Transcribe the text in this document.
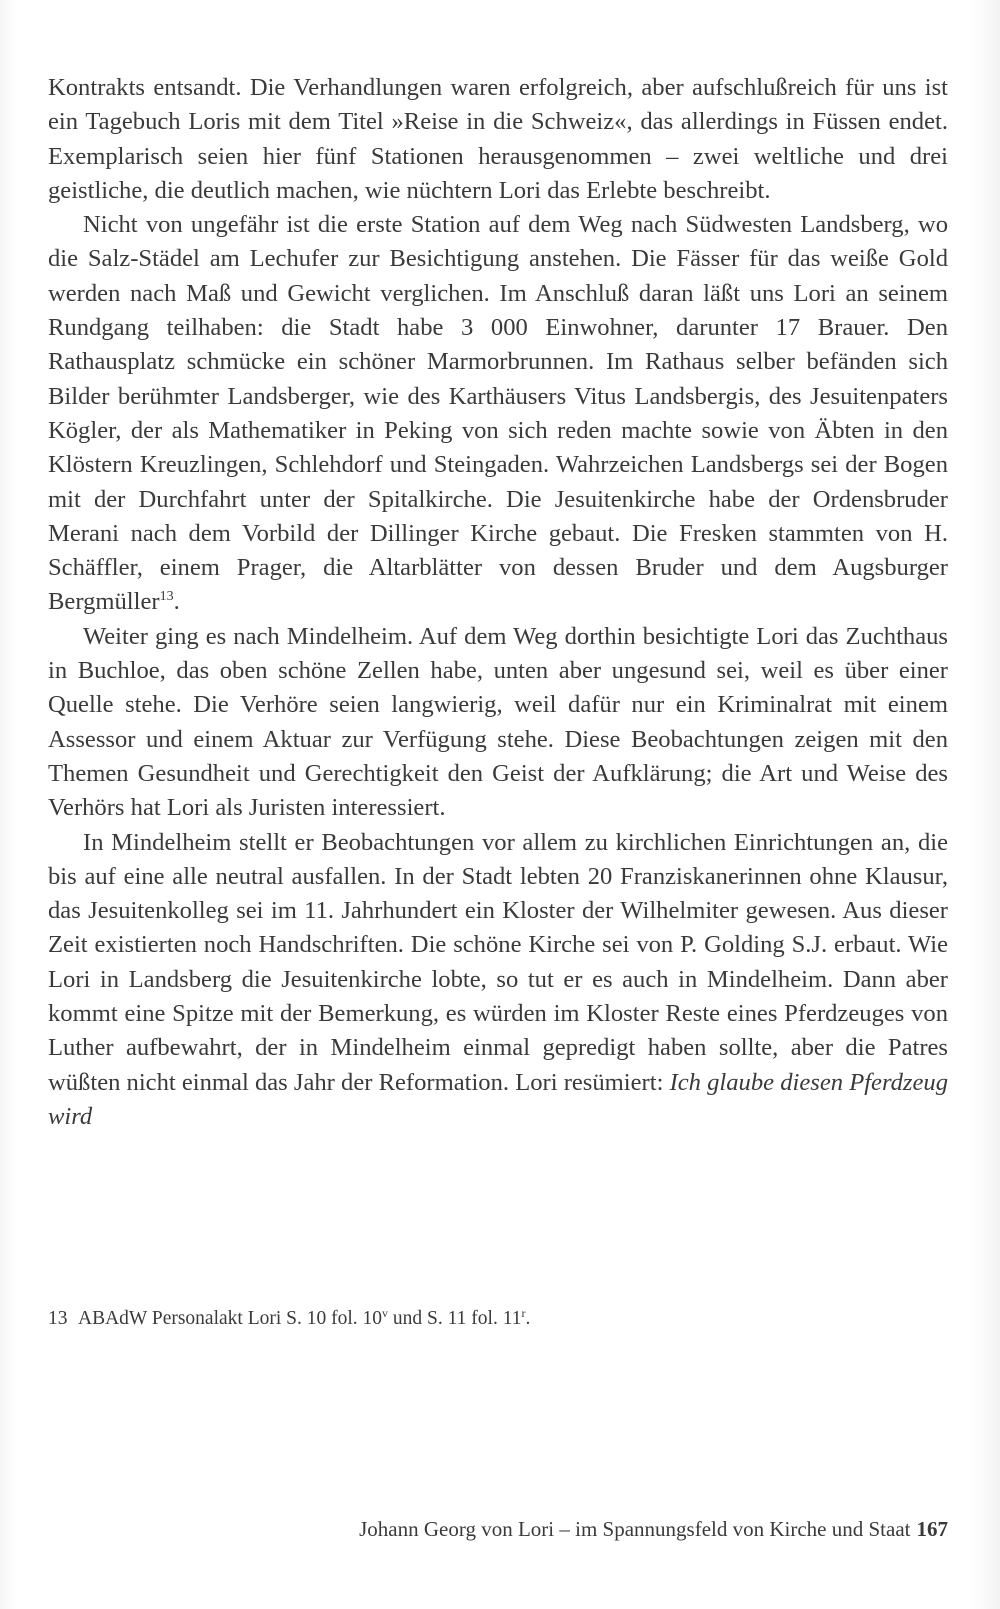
Kontrakts entsandt. Die Verhandlungen waren erfolgreich, aber aufschlußreich für uns ist ein Tagebuch Loris mit dem Titel »Reise in die Schweiz«, das allerdings in Füssen endet. Exemplarisch seien hier fünf Stationen herausgenommen – zwei weltliche und drei geistliche, die deutlich machen, wie nüchtern Lori das Erlebte beschreibt.

Nicht von ungefähr ist die erste Station auf dem Weg nach Südwesten Landsberg, wo die Salz-Städel am Lechufer zur Besichtigung anstehen. Die Fässer für das weiße Gold werden nach Maß und Gewicht verglichen. Im Anschluß daran läßt uns Lori an seinem Rundgang teilhaben: die Stadt habe 3 000 Einwohner, darunter 17 Brauer. Den Rathausplatz schmücke ein schöner Marmorbrunnen. Im Rathaus selber befänden sich Bilder berühmter Landsberger, wie des Karthäusers Vitus Landsbergis, des Jesuitenpaters Kögler, der als Mathematiker in Peking von sich reden machte sowie von Äbten in den Klöstern Kreuzlingen, Schlehdorf und Steingaden. Wahrzeichen Landsbergs sei der Bogen mit der Durchfahrt unter der Spitalkirche. Die Jesuitenkirche habe der Ordensbruder Merani nach dem Vorbild der Dillinger Kirche gebaut. Die Fresken stammten von H. Schäffler, einem Prager, die Altarblätter von dessen Bruder und dem Augsburger Bergmüller$^{13}$.

Weiter ging es nach Mindelheim. Auf dem Weg dorthin besichtigte Lori das Zuchthaus in Buchloe, das oben schöne Zellen habe, unten aber ungesund sei, weil es über einer Quelle stehe. Die Verhöre seien langwierig, weil dafür nur ein Kriminalrat mit einem Assessor und einem Aktuar zur Verfügung stehe. Diese Beobachtungen zeigen mit den Themen Gesundheit und Gerechtigkeit den Geist der Aufklärung; die Art und Weise des Verhörs hat Lori als Juristen interessiert.

In Mindelheim stellt er Beobachtungen vor allem zu kirchlichen Einrichtungen an, die bis auf eine alle neutral ausfallen. In der Stadt lebten 20 Franziskanerinnen ohne Klausur, das Jesuitenkolleg sei im 11. Jahrhundert ein Kloster der Wilhelmiter gewesen. Aus dieser Zeit existierten noch Handschriften. Die schöne Kirche sei von P. Golding S.J. erbaut. Wie Lori in Landsberg die Jesuitenkirche lobte, so tut er es auch in Mindelheim. Dann aber kommt eine Spitze mit der Bemerkung, es würden im Kloster Reste eines Pferdzeuges von Luther aufbewahrt, der in Mindelheim einmal gepredigt haben sollte, aber die Patres wüßten nicht einmal das Jahr der Reformation. Lori resümiert: Ich glaube diesen Pferdzeug wird

13 ABAdW Personalakt Lori S. 10 fol. 10$^v$ und S. 11 fol. 11$^r$.

Johann Georg von Lori – im Spannungsfeld von Kirche und Staat 167
